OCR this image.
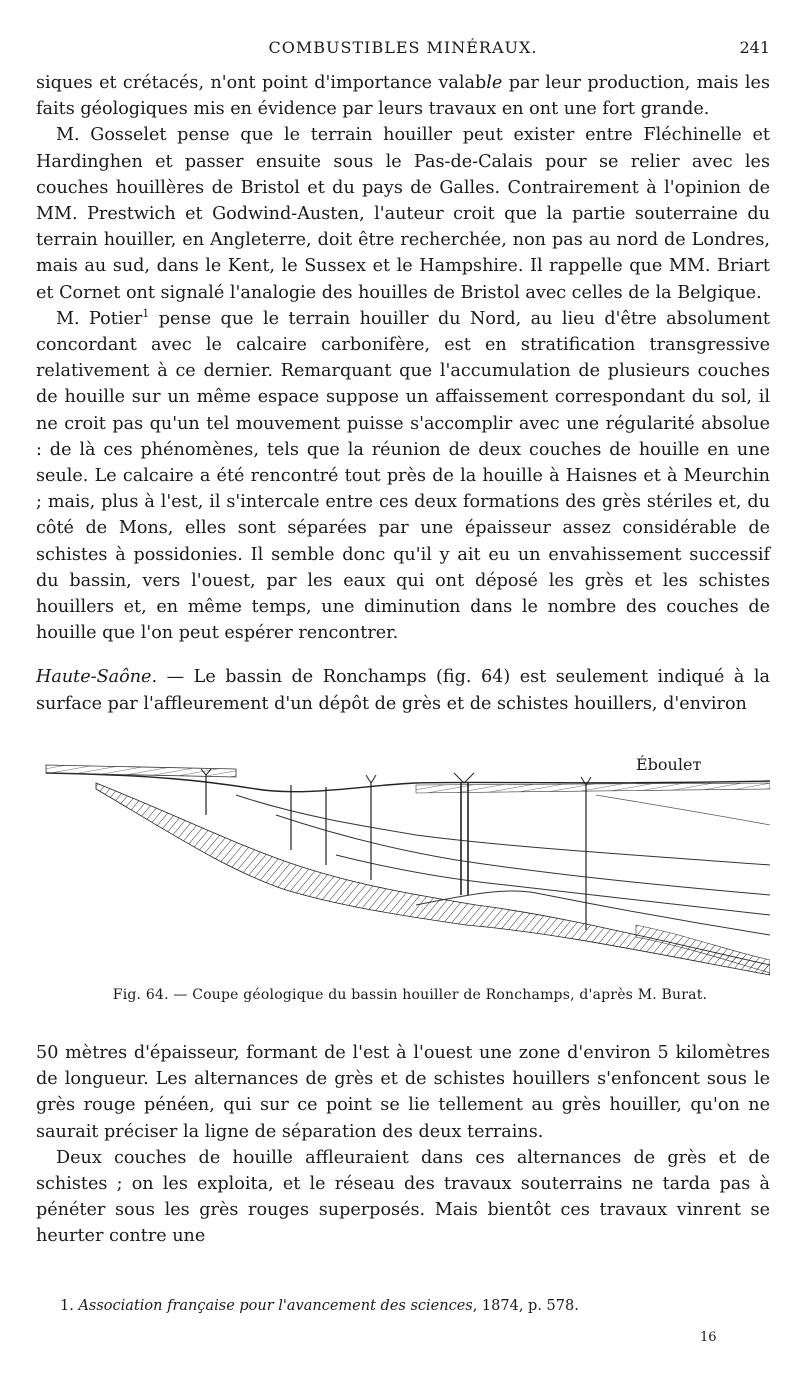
COMBUSTIBLES MINÉRAUX.	241

siques et crétacés, n'ont point d'importance valable par leur production, mais les faits géologiques mis en évidence par leurs travaux en ont une fort grande.

M. Gosselet pense que le terrain houiller peut exister entre Fléchinelle et Hardinghen et passer ensuite sous le Pas-de-Calais pour se relier avec les couches houillères de Bristol et du pays de Galles. Contrairement à l'opinion de MM. Prestwich et Godwind-Austen, l'auteur croit que la partie souterraine du terrain houiller, en Angleterre, doit être recherchée, non pas au nord de Londres, mais au sud, dans le Kent, le Sussex et le Hampshire. Il rappelle que MM. Briart et Cornet ont signalé l'analogie des houilles de Bristol avec celles de la Belgique.

M. Potier$^1$ pense que le terrain houiller du Nord, au lieu d'être absolument concordant avec le calcaire carbonifère, est en stratification transgressive relativement à ce dernier. Remarquant que l'accumulation de plusieurs couches de houille sur un même espace suppose un affaissement correspondant du sol, il ne croit pas qu'un tel mouvement puisse s'accomplir avec une régularité absolue : de là ces phénomènes, tels que la réunion de deux couches de houille en une seule. Le calcaire a été rencontré tout près de la houille à Haisnes et à Meurchin ; mais, plus à l'est, il s'intercale entre ces deux formations des grès stériles et, du côté de Mons, elles sont séparées par une épaisseur assez considérable de schistes à possidonies. Il semble donc qu'il y ait eu un envahissement successif du bassin, vers l'ouest, par les eaux qui ont déposé les grès et les schistes houillers et, en même temps, une diminution dans le nombre des couches de houille que l'on peut espérer rencontrer.

Haute-Saône. — Le bassin de Ronchamps (fig. 64) est seulement indiqué à la surface par l'affleurement d'un dépôt de grès et de schistes houillers, d'environ

Ébouleт
Fig. 64. — Coupe géologique du bassin houiller de Ronchamps, d'après M. Burat.

50 mètres d'épaisseur, formant de l'est à l'ouest une zone d'environ 5 kilomètres de longueur. Les alternances de grès et de schistes houillers s'enfoncent sous le grès rouge pénéen, qui sur ce point se lie tellement au grès houiller, qu'on ne saurait préciser la ligne de séparation des deux terrains.

Deux couches de houille affleuraient dans ces alternances de grès et de schistes ; on les exploita, et le réseau des travaux souterrains ne tarda pas à pénéter sous les grès rouges superposés. Mais bientôt ces travaux vinrent se heurter contre une

1. Association française pour l'avancement des sciences, 1874, p. 578.
16
